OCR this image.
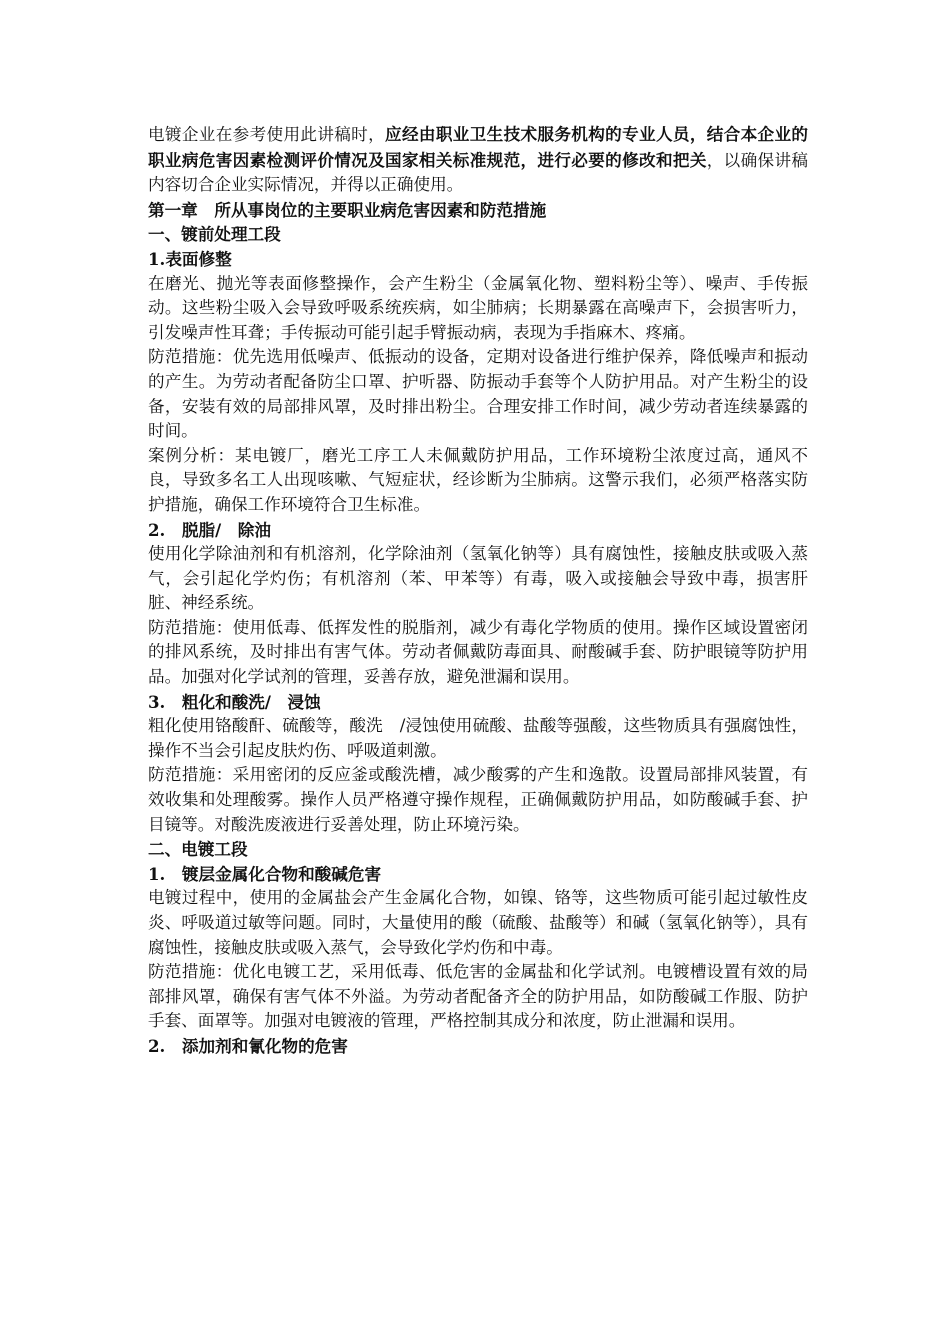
电镀企业在参考使用此讲稿时，应经由职业卫生技术服务机构的专业人员，结合本企业的职业病危害因素检测评价情况及国家相关标准规范，进行必要的修改和把关，以确保讲稿内容切合企业实际情况，并得以正确使用。

第一章　所从事岗位的主要职业病危害因素和防范措施

一、镀前处理工段

1.表面修整

在磨光、抛光等表面修整操作，会产生粉尘（金属氧化物、塑料粉尘等）、噪声、手传振动。这些粉尘吸入会导致呼吸系统疾病，如尘肺病；长期暴露在高噪声下，会损害听力，引发噪声性耳聋；手传振动可能引起手臂振动病，表现为手指麻木、疼痛。

防范措施：优先选用低噪声、低振动的设备，定期对设备进行维护保养，降低噪声和振动的产生。为劳动者配备防尘口罩、护听器、防振动手套等个人防护用品。对产生粉尘的设备，安装有效的局部排风罩，及时排出粉尘。合理安排工作时间，减少劳动者连续暴露的时间。

案例分析：某电镀厂，磨光工序工人未佩戴防护用品，工作环境粉尘浓度过高，通风不良，导致多名工人出现咳嗽、气短症状，经诊断为尘肺病。这警示我们，必须严格落实防护措施，确保工作环境符合卫生标准。

2.　脱脂/　除油

使用化学除油剂和有机溶剂，化学除油剂（氢氧化钠等）具有腐蚀性，接触皮肤或吸入蒸气，会引起化学灼伤；有机溶剂（苯、甲苯等）有毒，吸入或接触会导致中毒，损害肝脏、神经系统。

防范措施：使用低毒、低挥发性的脱脂剂，减少有毒化学物质的使用。操作区域设置密闭的排风系统，及时排出有害气体。劳动者佩戴防毒面具、耐酸碱手套、防护眼镜等防护用品。加强对化学试剂的管理，妥善存放，避免泄漏和误用。

3.　粗化和酸洗/　浸蚀

粗化使用铬酸酐、硫酸等，酸洗　/浸蚀使用硫酸、盐酸等强酸，这些物质具有强腐蚀性，操作不当会引起皮肤灼伤、呼吸道刺激。

防范措施：采用密闭的反应釜或酸洗槽，减少酸雾的产生和逸散。设置局部排风装置，有效收集和处理酸雾。操作人员严格遵守操作规程，正确佩戴防护用品，如防酸碱手套、护目镜等。对酸洗废液进行妥善处理，防止环境污染。

二、电镀工段

1.　镀层金属化合物和酸碱危害

电镀过程中，使用的金属盐会产生金属化合物，如镍、铬等，这些物质可能引起过敏性皮炎、呼吸道过敏等问题。同时，大量使用的酸（硫酸、盐酸等）和碱（氢氧化钠等），具有腐蚀性，接触皮肤或吸入蒸气，会导致化学灼伤和中毒。

防范措施：优化电镀工艺，采用低毒、低危害的金属盐和化学试剂。电镀槽设置有效的局部排风罩，确保有害气体不外溢。为劳动者配备齐全的防护用品，如防酸碱工作服、防护手套、面罩等。加强对电镀液的管理，严格控制其成分和浓度，防止泄漏和误用。

2.　添加剂和氰化物的危害
